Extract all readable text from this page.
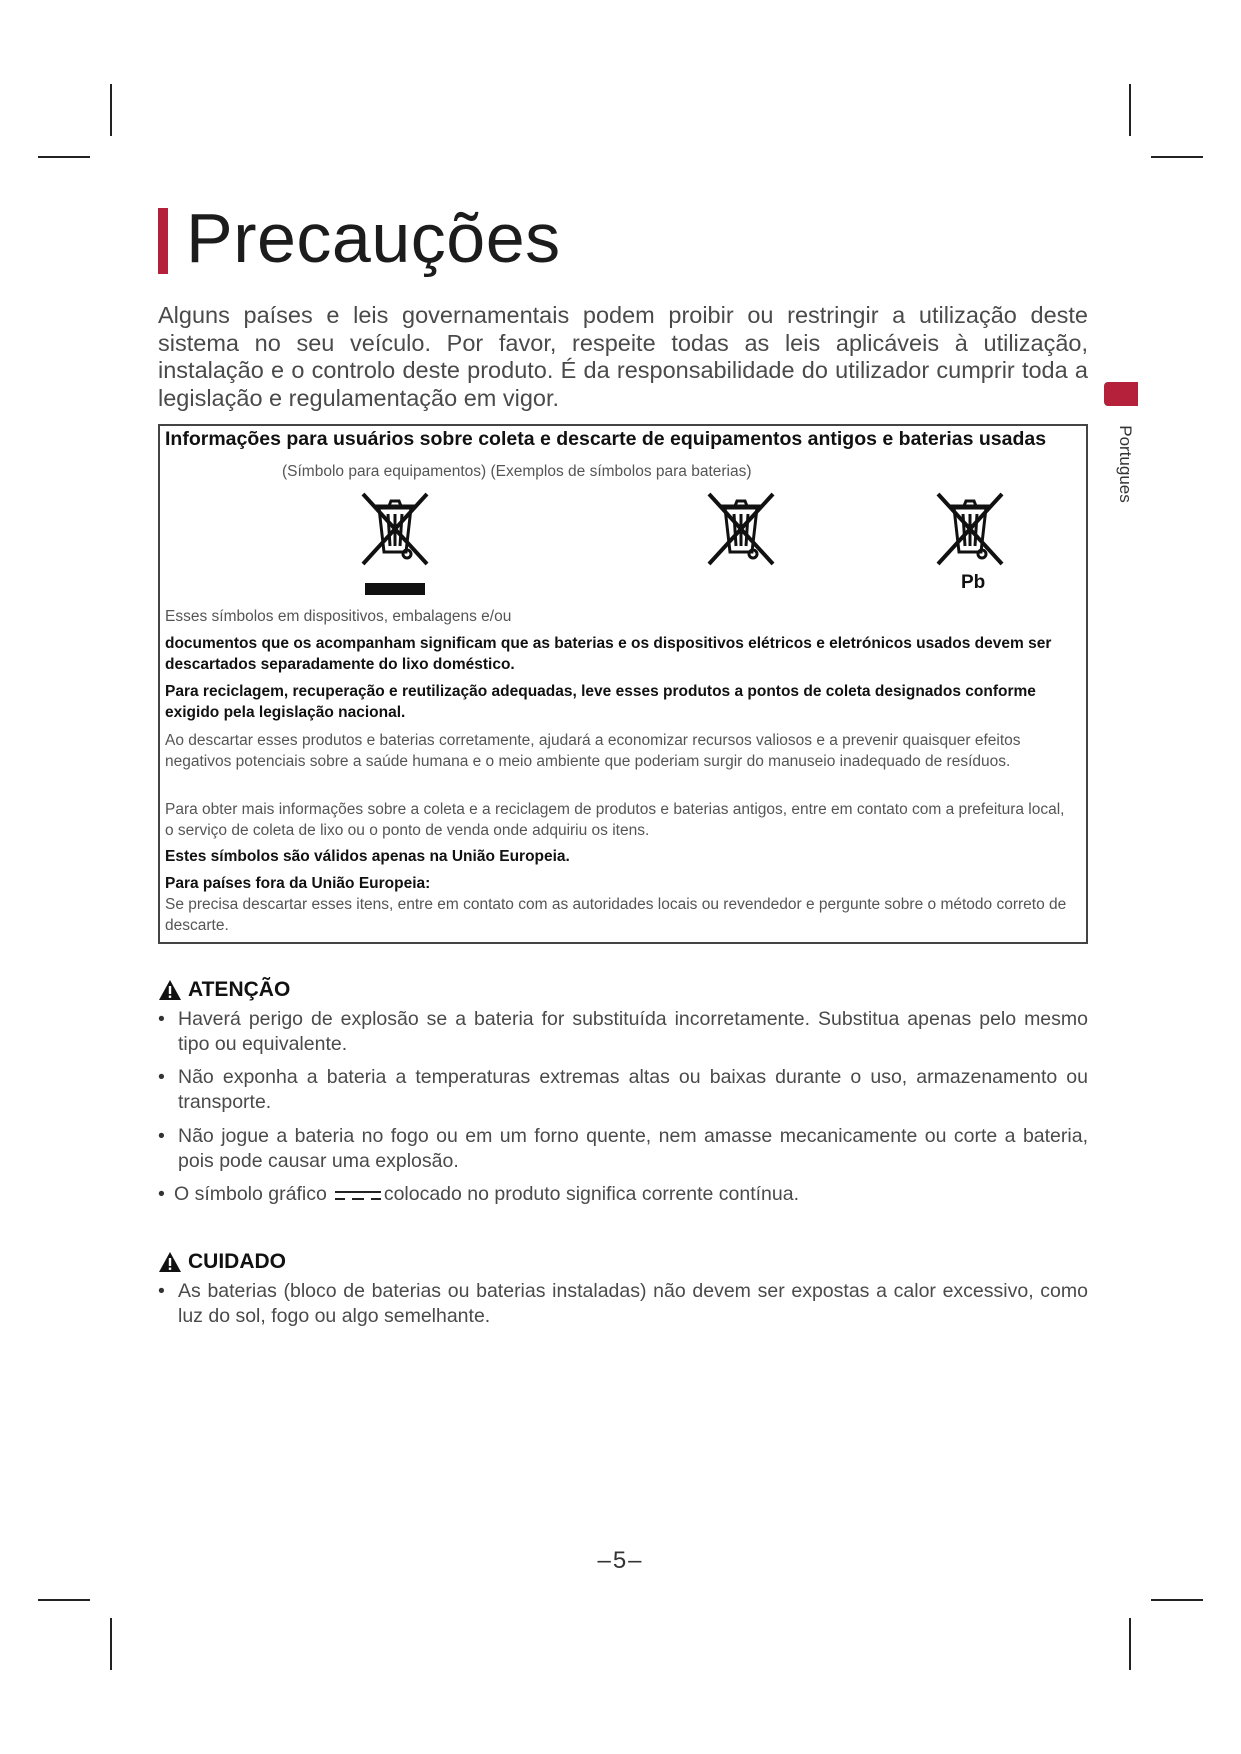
Precauções

Alguns países e leis governamentais podem proibir ou restringir a utilização deste sistema no seu veículo. Por favor, respeite todas as leis aplicáveis à utilização, instalação e o controlo deste produto. É da responsabilidade do utilizador cumprir toda a legislação e regulamentação em vigor.

Portugues
Informações para usuários sobre coleta e descarte de equipamentos antigos e baterias usadas
(Símbolo para equipamentos) (Exemplos de símbolos para baterias)
Pb

Esses símbolos em dispositivos, embalagens e/ou

documentos que os acompanham significam que as baterias e os dispositivos elétricos e eletrónicos usados devem ser descartados separadamente do lixo doméstico.

Para reciclagem, recuperação e reutilização adequadas, leve esses produtos a pontos de coleta designados conforme exigido pela legislação nacional.

Ao descartar esses produtos e baterias corretamente, ajudará a economizar recursos valiosos e a prevenir quaisquer efeitos negativos potenciais sobre a saúde humana e o meio ambiente que poderiam surgir do manuseio inadequado de resíduos.

Para obter mais informações sobre a coleta e a reciclagem de produtos e baterias antigos, entre em contato com a prefeitura local, o serviço de coleta de lixo ou o ponto de venda onde adquiriu os itens.

Estes símbolos são válidos apenas na União Europeia.

Para países fora da União Europeia:

Se precisa descartar esses itens, entre em contato com as autoridades locais ou revendedor e pergunte sobre o método correto de descarte.

ATENÇÃO

• Haverá perigo de explosão se a bateria for substituída incorretamente. Substitua apenas pelo mesmo tipo ou equivalente.

• Não exponha a bateria a temperaturas extremas altas ou baixas durante o uso, armazenamento ou transporte.

• Não jogue a bateria no fogo ou em um forno quente, nem amasse mecanicamente ou corte a bateria, pois pode causar uma explosão.

• O símbolo gráfico	colocado no produto significa corrente contínua.

CUIDADO

• As baterias (bloco de baterias ou baterias instaladas) não devem ser expostas a calor excessivo, como luz do sol, fogo ou algo semelhante.

–5–
